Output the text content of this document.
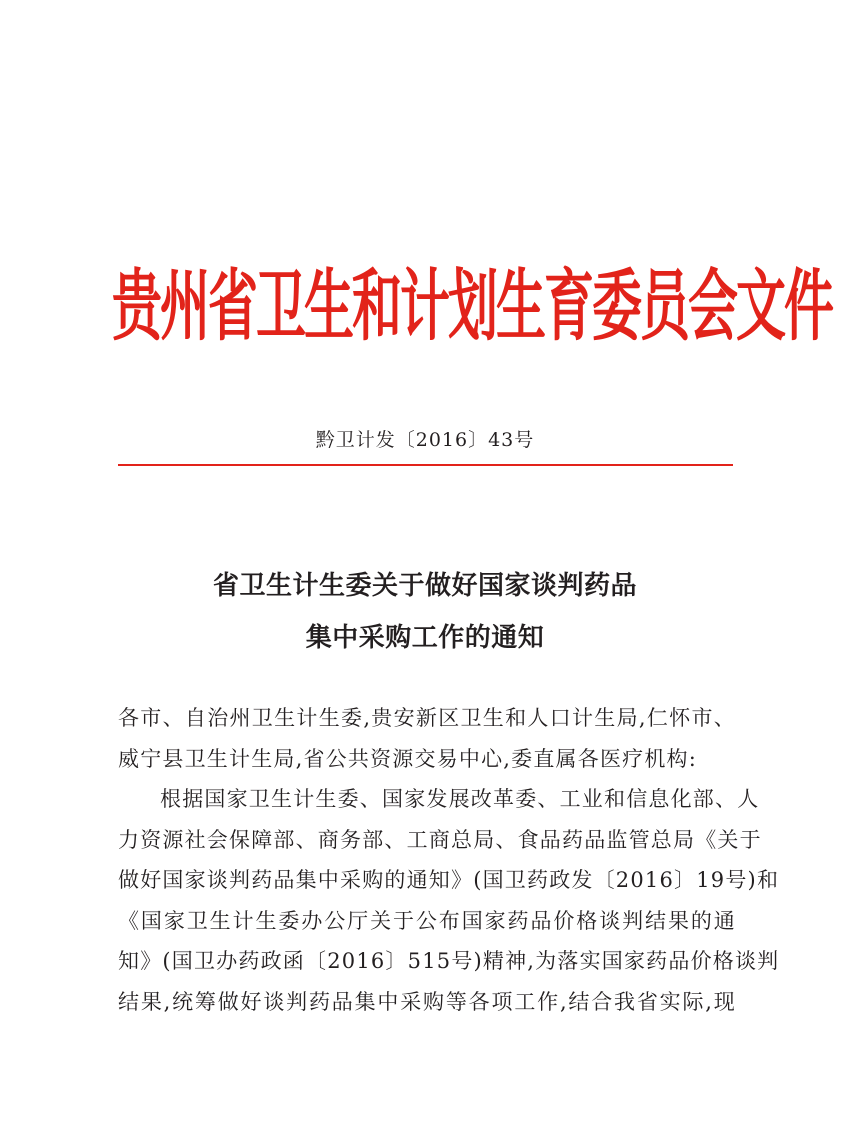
贵州省卫生和计划生育委员会文件
黔卫计发〔2016〕43号
省卫生计生委关于做好国家谈判药品
集中采购工作的通知
各市、自治州卫生计生委,贵安新区卫生和人口计生局,仁怀市、
威宁县卫生计生局,省公共资源交易中心,委直属各医疗机构:
根据国家卫生计生委、国家发展改革委、工业和信息化部、人
力资源社会保障部、商务部、工商总局、食品药品监管总局《关于
做好国家谈判药品集中采购的通知》(国卫药政发〔2016〕19号)和
《国家卫生计生委办公厅关于公布国家药品价格谈判结果的通
知》(国卫办药政函〔2016〕515号)精神,为落实国家药品价格谈判
结果,统筹做好谈判药品集中采购等各项工作,结合我省实际,现
